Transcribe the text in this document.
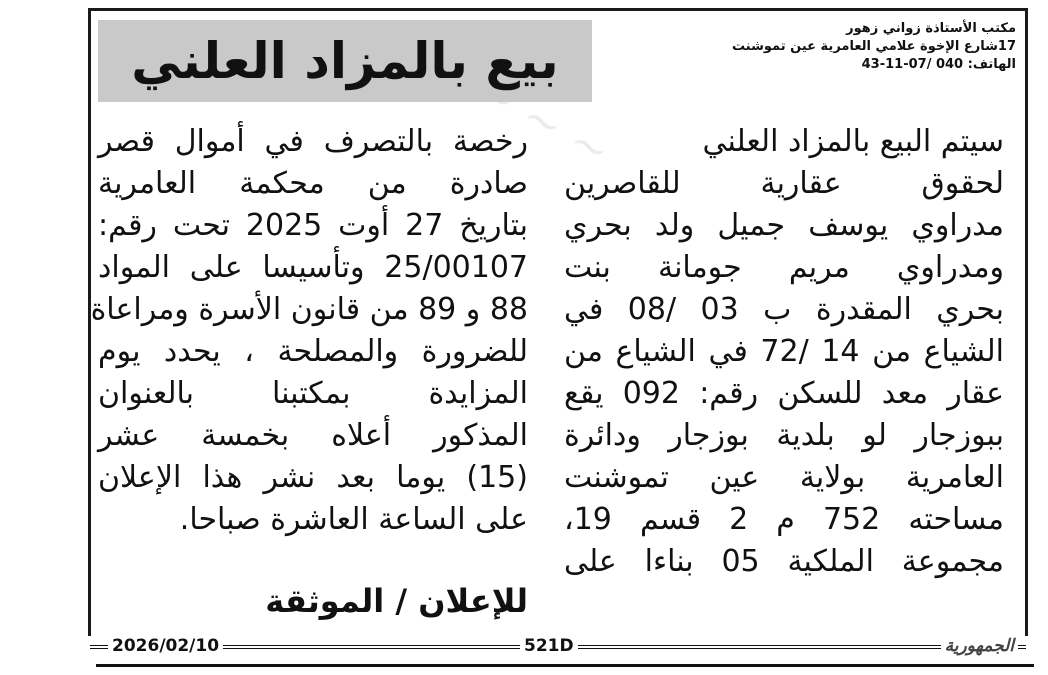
~ ~ ~
مكتب الأستاذة زواني زهور
17شارع الإخوة علامي العامرية عين تموشنت
الهاتف: 040 /07-11-43
بيع بالمزاد العلني
سيتم البيع بالمزاد العلني
لحقوق عقارية للقاصرين
مدراوي يوسف جميل ولد بحري
ومدراوي مريم جومانة بنت
بحري المقدرة ب 03 /08 في
الشياع من 14 /72 في الشياع من
عقار معد للسكن رقم: 092 يقع
ببوزجار لو بلدية بوزجار ودائرة
العامرية بولاية عين تموشنت
مساحته 752 م 2 قسم 19،
مجموعة الملكية 05 بناءا على
رخصة بالتصرف في أموال قصر
صادرة من محكمة العامرية
بتاريخ 27 أوت 2025 تحت رقم:
25/00107 وتأسيسا على المواد
88 و 89 من قانون الأسرة ومراعاة
للضرورة والمصلحة ، يحدد يوم
المزايدة بمكتبنا بالعنوان
المذكور أعلاه بخمسة عشر
(15) يوما بعد نشر هذا الإعلان
على الساعة العاشرة صباحا.
للإعلان / الموثقة
2026/02/10	521D	الجمهورية
